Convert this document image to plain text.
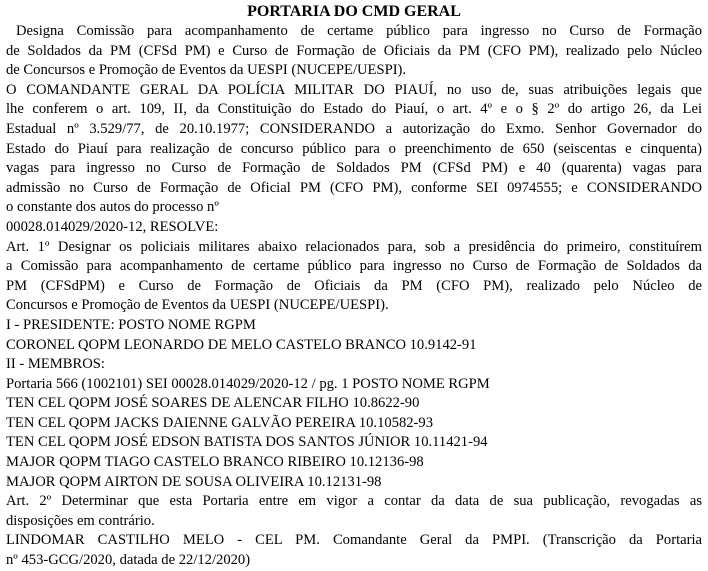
PORTARIA DO CMD GERAL
Designa Comissão para acompanhamento de certame público para ingresso no Curso de Formação
de Soldados da PM (CFSd PM) e Curso de Formação de Oficiais da PM (CFO PM), realizado pelo Núcleo
de Concursos e Promoção de Eventos da UESPI (NUCEPE/UESPI).
O COMANDANTE GERAL DA POLÍCIA MILITAR DO PIAUÍ, no uso de, suas atribuições legais que
lhe conferem o art. 109, II, da Constituição do Estado do Piauí, o art. 4º e o § 2º do artigo 26, da Lei
Estadual nº 3.529/77, de 20.10.1977; CONSIDERANDO a autorização do Exmo. Senhor Governador do
Estado do Piauí para realização de concurso público para o preenchimento de 650 (seiscentas e cinquenta)
vagas para ingresso no Curso de Formação de Soldados PM (CFSd PM) e 40 (quarenta) vagas para
admissão no Curso de Formação de Oficial PM (CFO PM), conforme SEI 0974555; e CONSIDERANDO
o constante dos autos do processo nº
00028.014029/2020-12, RESOLVE:
Art. 1º Designar os policiais militares abaixo relacionados para, sob a presidência do primeiro, constituírem
a Comissão para acompanhamento de certame público para ingresso no Curso de Formação de Soldados da
PM (CFSdPM) e Curso de Formação de Oficiais da PM (CFO PM), realizado pelo Núcleo de
Concursos e Promoção de Eventos da UESPI (NUCEPE/UESPI).
I - PRESIDENTE: POSTO NOME RGPM
CORONEL QOPM LEONARDO DE MELO CASTELO BRANCO 10.9142-91
II - MEMBROS:
Portaria 566 (1002101) SEI 00028.014029/2020-12 / pg. 1 POSTO NOME RGPM
TEN CEL QOPM JOSÉ SOARES DE ALENCAR FILHO 10.8622-90
TEN CEL QOPM JACKS DAIENNE GALVÃO PEREIRA 10.10582-93
TEN CEL QOPM JOSÉ EDSON BATISTA DOS SANTOS JÚNIOR 10.11421-94
MAJOR QOPM TIAGO CASTELO BRANCO RIBEIRO 10.12136-98
MAJOR QOPM AIRTON DE SOUSA OLIVEIRA 10.12131-98
Art. 2º Determinar que esta Portaria entre em vigor a contar da data de sua publicação, revogadas as
disposições em contrário.
LINDOMAR CASTILHO MELO - CEL PM. Comandante Geral da PMPI. (Transcrição da Portaria
nº 453-GCG/2020, datada de 22/12/2020)
